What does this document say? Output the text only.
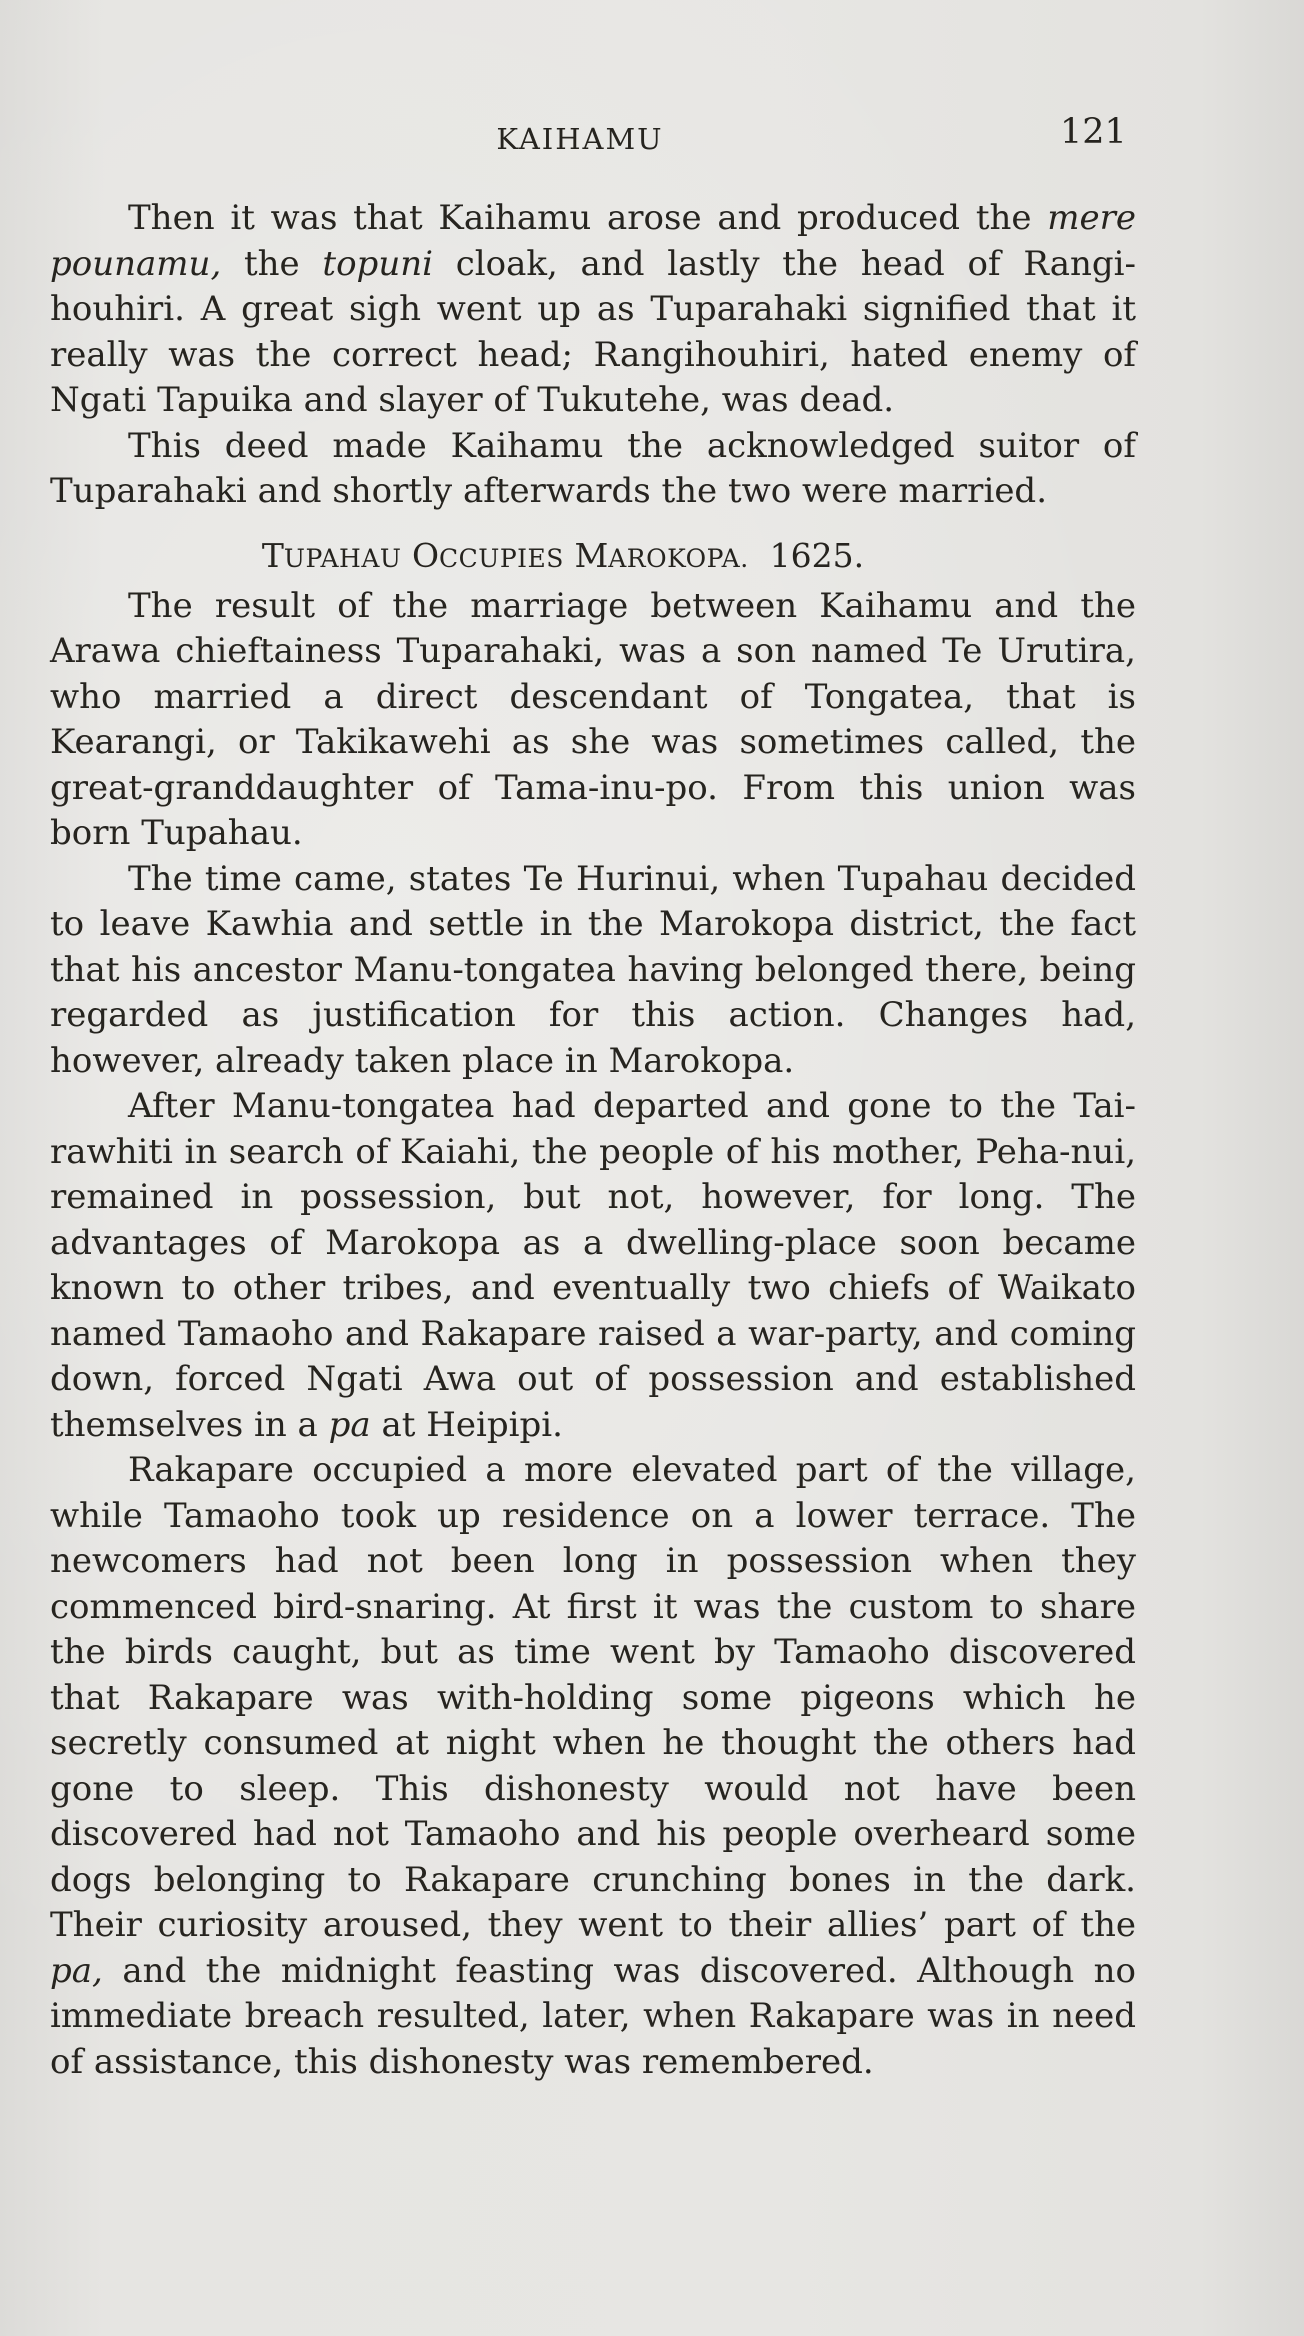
KAIHAMU	121

Then it was that Kaihamu arose and produced the mere pounamu, the topuni cloak, and lastly the head of Rangihouhiri. A great sigh went up as Tuparahaki signified that it really was the correct head; Rangihouhiri, hated enemy of Ngati Tapuika and slayer of Tukutehe, was dead.

This deed made Kaihamu the acknowledged suitor of Tuparahaki and shortly afterwards the two were married.

TUPAHAU OCCUPIES MAROKOPA. 1625.

The result of the marriage between Kaihamu and the Arawa chieftainess Tuparahaki, was a son named Te Urutira, who married a direct descendant of Tongatea, that is Kearangi, or Takikawehi as she was sometimes called, the great-granddaughter of Tama-inu-po. From this union was born Tupahau.

The time came, states Te Hurinui, when Tupahau decided to leave Kawhia and settle in the Marokopa district, the fact that his ancestor Manu-tongatea having belonged there, being regarded as justification for this action. Changes had, however, already taken place in Marokopa.

After Manu-tongatea had departed and gone to the Tai-rawhiti in search of Kaiahi, the people of his mother, Peha-nui, remained in possession, but not, however, for long. The advantages of Marokopa as a dwelling-place soon became known to other tribes, and eventually two chiefs of Waikato named Tamaoho and Rakapare raised a war-party, and coming down, forced Ngati Awa out of possession and established themselves in a pa at Heipipi.

Rakapare occupied a more elevated part of the village, while Tamaoho took up residence on a lower terrace. The newcomers had not been long in possession when they commenced bird-snaring. At first it was the custom to share the birds caught, but as time went by Tamaoho discovered that Rakapare was with-holding some pigeons which he secretly consumed at night when he thought the others had gone to sleep. This dishonesty would not have been discovered had not Tamaoho and his people overheard some dogs belonging to Rakapare crunching bones in the dark. Their curiosity aroused, they went to their allies’ part of the pa, and the midnight feasting was discovered. Although no immediate breach resulted, later, when Rakapare was in need of assistance, this dishonesty was remembered.
